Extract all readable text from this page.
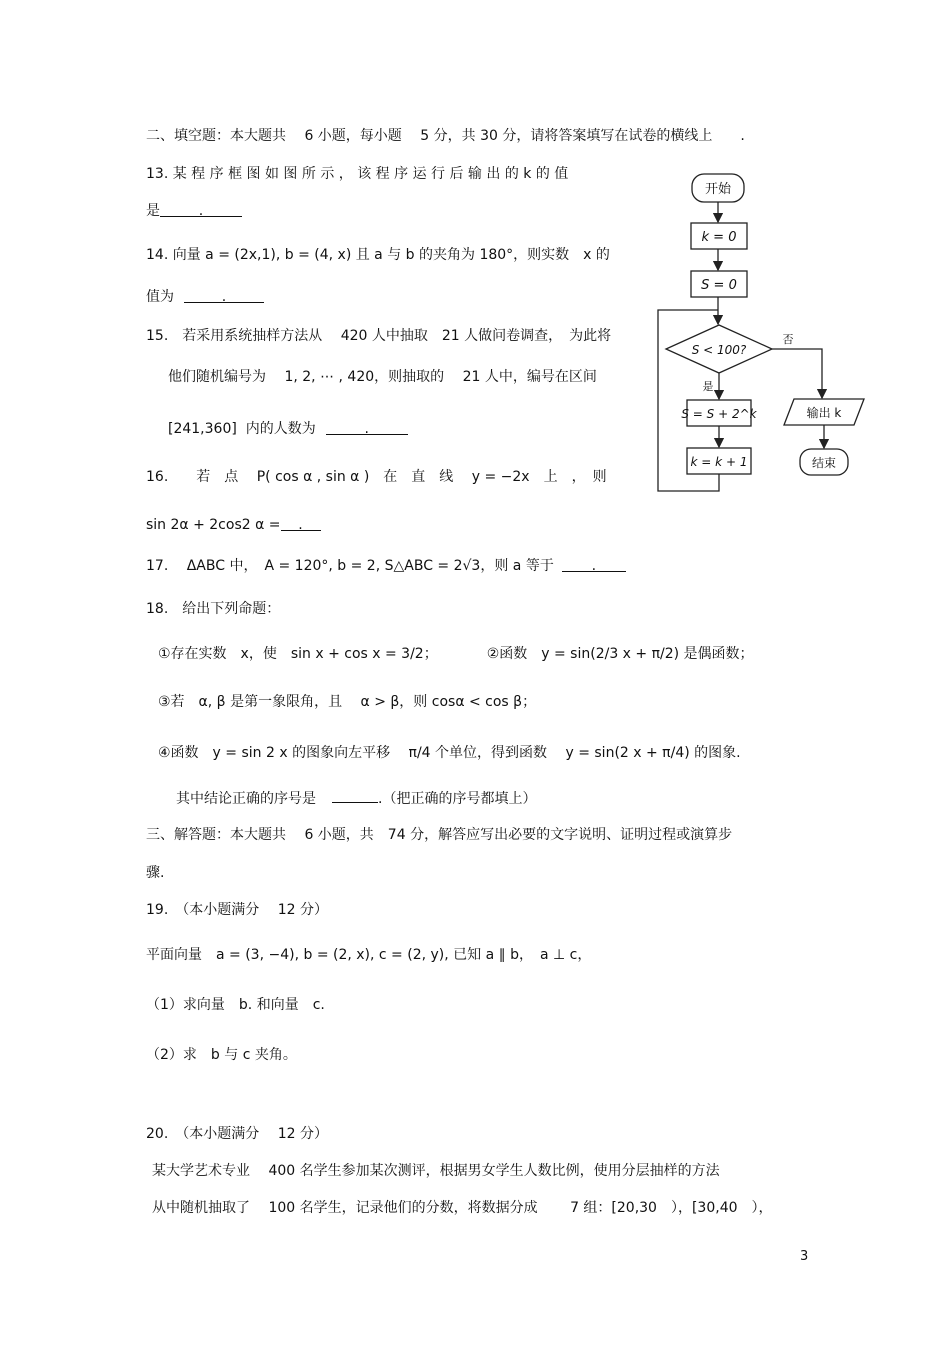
二、填空题：本大题共　 6 小题，每小题　 5 分，共 30 分，请将答案填写在试卷的横线上　　.
13. 某 程 序 框 图 如 图 所 示 ， 该 程 序 运 行 后 输 出 的 k 的 值
是	.
14. 向量 a = (2x,1), b = (4, x) 且 a 与 b 的夹角为 180°，则实数　x 的
值为	.
15.　若采用系统抽样方法从　 420 人中抽取　21 人做问卷调查，　为此将
他们随机编号为　 1, 2, ⋯ , 420，则抽取的　 21 人中，编号在区间
[241,360]  内的人数为	.
16.　　若　点　 P( cos α , sin α )　在　直　线　 y = −2x　上　，　则
sin 2α + 2cos2 α = .
17.　 ΔABC 中，　A = 120°, b = 2, S△ABC = 2√3，则 a 等于	.
18.　给出下列命题：
①存在实数　x，使　sin x + cos x = 3/2；　　　　②函数　y = sin(2/3 x + π/2) 是偶函数；
③若　α, β 是第一象限角，且　 α > β，则 cosα < cos β；
④函数　y = sin 2 x 的图象向左平移　 π/4 个单位，得到函数　 y = sin(2 x + π/4) 的图象.
其中结论正确的序号是	.（把正确的序号都填上）
三、解答题：本大题共　 6 小题，共　74 分，解答应写出必要的文字说明、证明过程或演算步
骤.
19.　（本小题满分　 12 分）
平面向量　a = (3, −4), b = (2, x), c = (2, y), 已知 a ∥ b，　a ⊥ c，
（1）求向量　b. 和向量　c.
（2）求　b 与 c 夹角。
20.　（本小题满分　 12 分）
某大学艺术专业　 400 名学生参加某次测评，根据男女学生人数比例，使用分层抽样的方法
从中随机抽取了　 100 名学生，记录他们的分数，将数据分成　　 7 组：[20,30　），[30,40　），
开始
k = 0
S = 0
S < 100?
否
是
S = S + 2^k
k = k + 1
输出 k
结束
3
